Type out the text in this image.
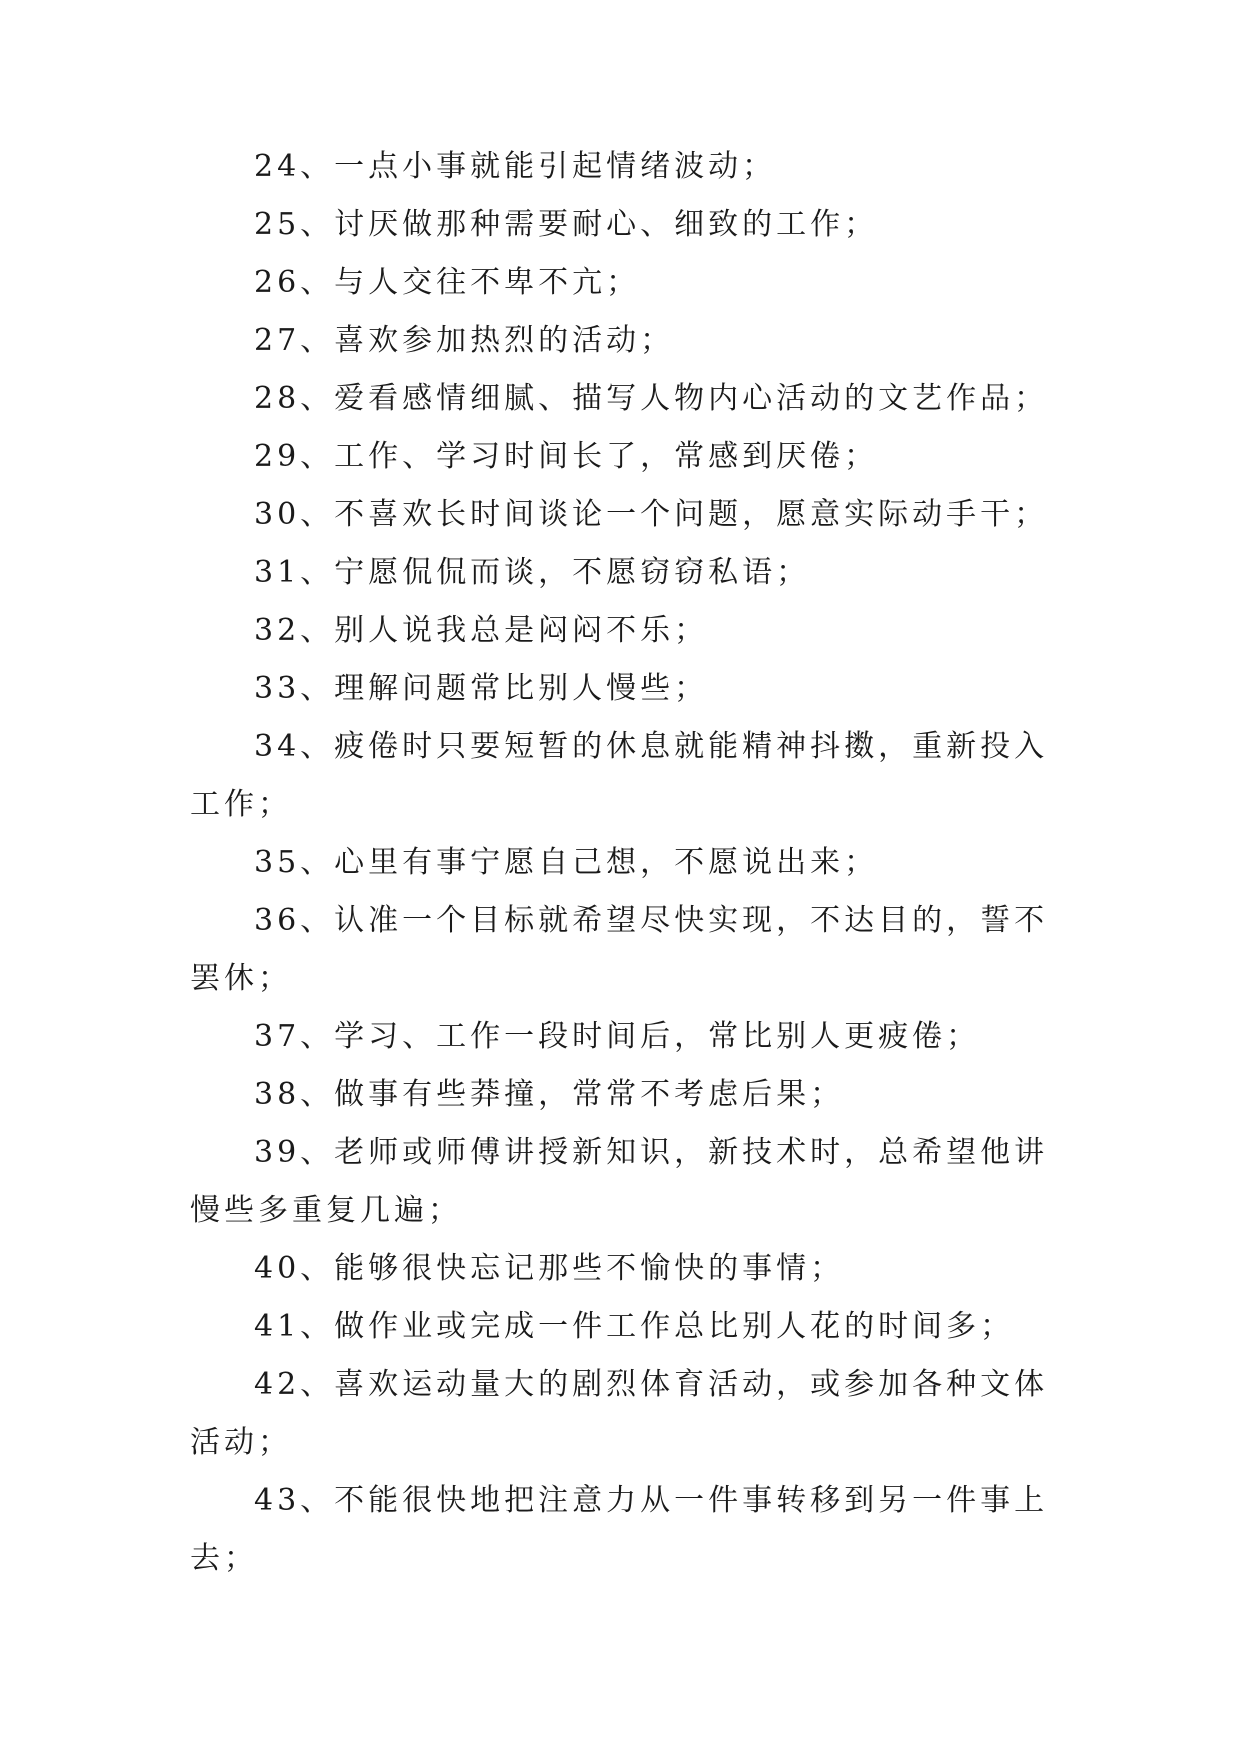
24、一点小事就能引起情绪波动；

25、讨厌做那种需要耐心、细致的工作；

26、与人交往不卑不亢；

27、喜欢参加热烈的活动；

28、爱看感情细腻、描写人物内心活动的文艺作品；

29、工作、学习时间长了，常感到厌倦；

30、不喜欢长时间谈论一个问题，愿意实际动手干；

31、宁愿侃侃而谈，不愿窃窃私语；

32、别人说我总是闷闷不乐；

33、理解问题常比别人慢些；

34、疲倦时只要短暂的休息就能精神抖擞，重新投入工作；

35、心里有事宁愿自己想，不愿说出来；

36、认准一个目标就希望尽快实现，不达目的，誓不罢休；

37、学习、工作一段时间后，常比别人更疲倦；

38、做事有些莽撞，常常不考虑后果；

39、老师或师傅讲授新知识，新技术时，总希望他讲慢些多重复几遍；

40、能够很快忘记那些不愉快的事情；

41、做作业或完成一件工作总比别人花的时间多；

42、喜欢运动量大的剧烈体育活动，或参加各种文体活动；

43、不能很快地把注意力从一件事转移到另一件事上去；
